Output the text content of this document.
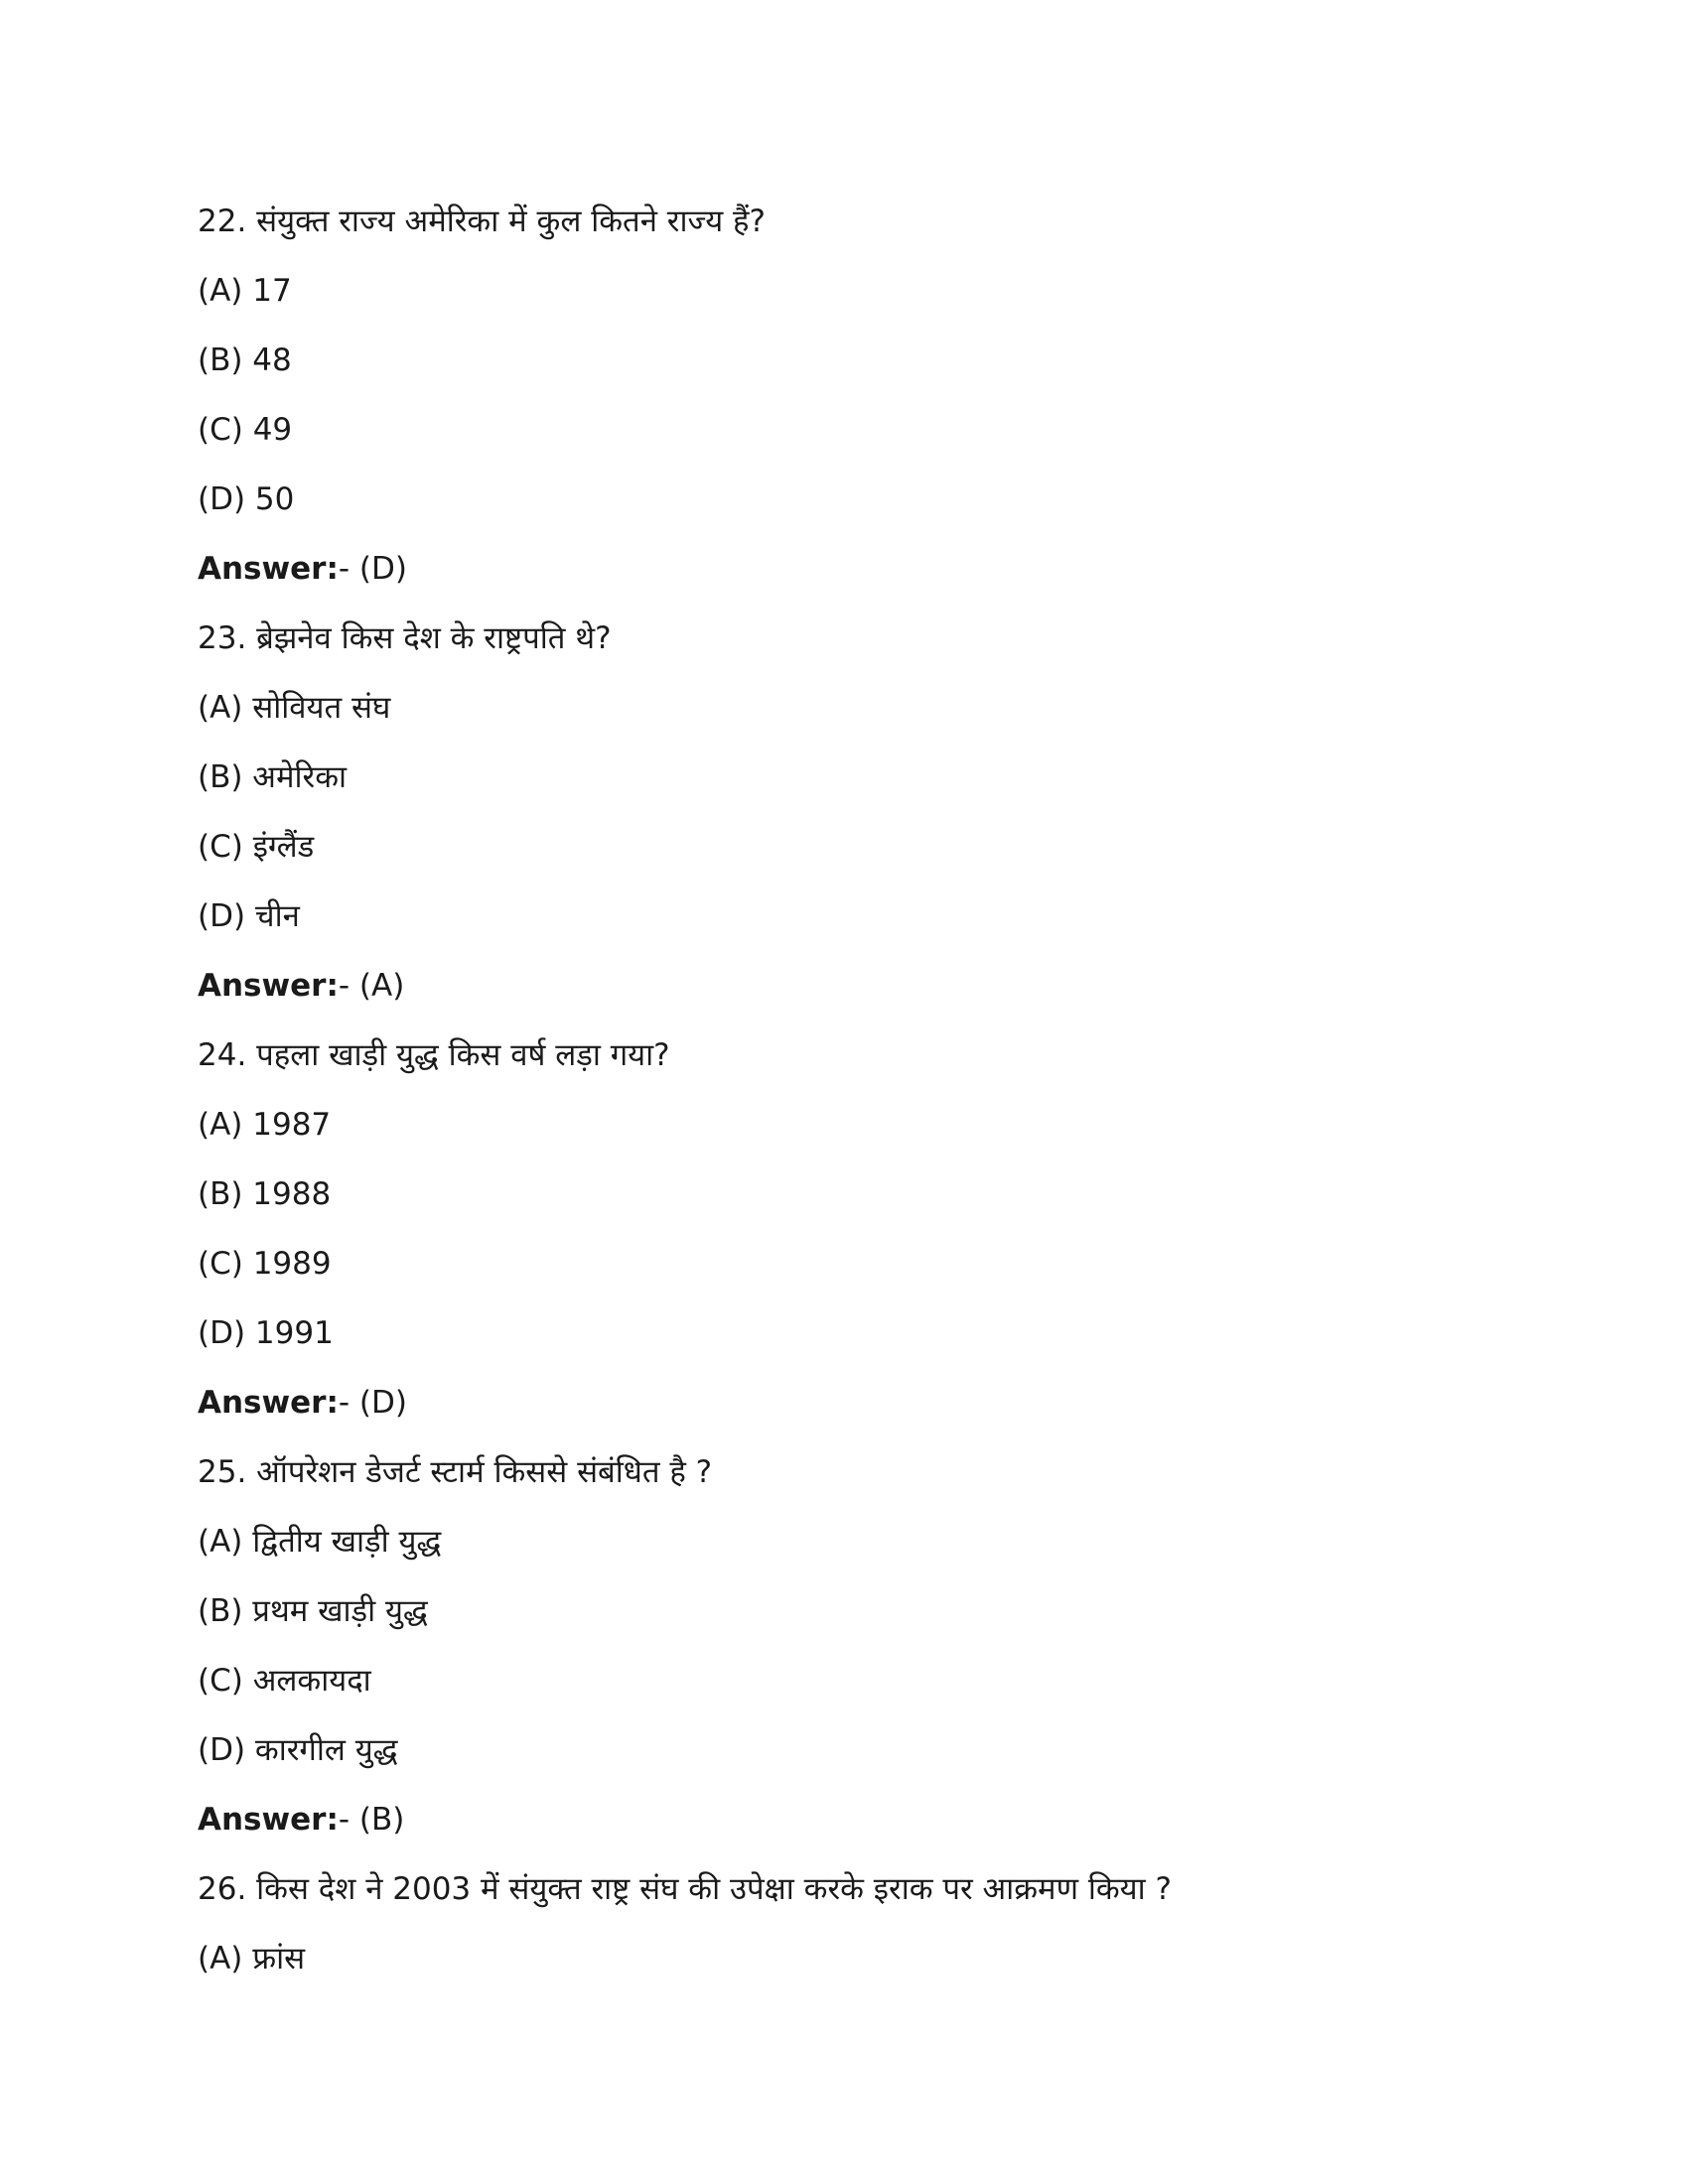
22. संयुक्त राज्य अमेरिका में कुल कितने राज्य हैं?
(A) 17
(B) 48
(C) 49
(D) 50
Answer:- (D)
23. ब्रेझनेव किस देश के राष्ट्रपति थे?
(A) सोवियत संघ
(B) अमेरिका
(C) इंग्लैंड
(D) चीन
Answer:- (A)
24. पहला खाड़ी युद्ध किस वर्ष लड़ा गया?
(A) 1987
(B) 1988
(C) 1989
(D) 1991
Answer:- (D)
25. ऑपरेशन डेजर्ट स्टार्म किससे संबंधित है ?
(A) द्वितीय खाड़ी युद्ध
(B) प्रथम खाड़ी युद्ध
(C) अलकायदा
(D) कारगील युद्ध
Answer:- (B)
26. किस देश ने 2003 में संयुक्त राष्ट्र संघ की उपेक्षा करके इराक पर आक्रमण किया ?
(A) फ्रांस
